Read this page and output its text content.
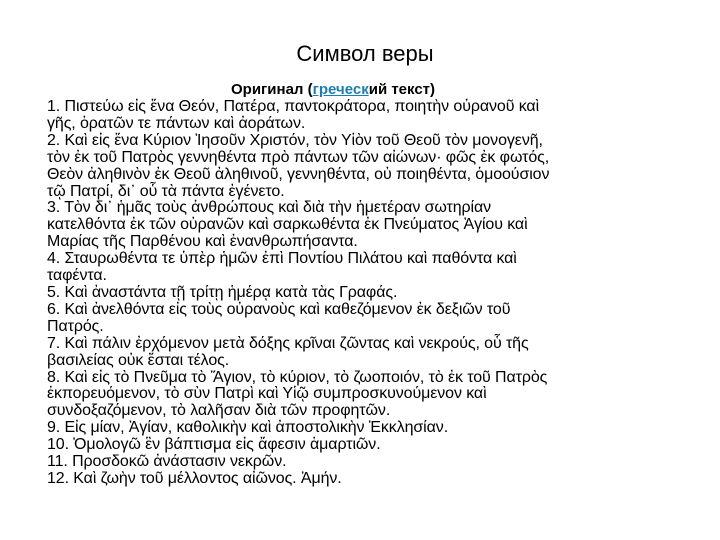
Символ веры
Оригинал (греческий текст)
1. Πιστεύω εἰς ἕνα Θεόν, Πατέρα, παντοκράτορα, ποιητὴν οὐρανοῦ καὶ
γῆς, ὁρατῶν τε πάντων καὶ ἀοράτων.
2. Καὶ εἰς ἕνα Κύριον Ἰησοῦν Χριστόν, τὸν Υἱὸν τοῦ Θεοῦ τὸν μονογενῆ,
τὸν ἐκ τοῦ Πατρὸς γεννηθέντα πρὸ πάντων τῶν αἰώνων· φῶς ἐκ φωτός,
Θεὸν ἀληθινὸν ἐκ Θεοῦ ἀληθινοῦ, γεννηθέντα, οὐ ποιηθέντα, ὁμοούσιον
τῷ Πατρί, δι᾽ οὗ τὰ πάντα ἐγένετο.
3. Τὸν δι᾽ ἡμᾶς τοὺς ἀνθρώπους καὶ διὰ τὴν ἡμετέραν σωτηρίαν
κατελθόντα ἐκ τῶν οὐρανῶν καὶ σαρκωθέντα ἐκ Πνεύματος Ἁγίου καὶ
Μαρίας τῆς Παρθένου καὶ ἐνανθρωπήσαντα.
4. Σταυρωθέντα τε ὑπὲρ ἡμῶν ἐπὶ Ποντίου Πιλάτου καὶ παθόντα καὶ
ταφέντα.
5. Καὶ ἀναστάντα τῇ τρίτῃ ἡμέρᾳ κατὰ τὰς Γραφάς.
6. Καὶ ἀνελθόντα εἰς τοὺς οὐρανοὺς καὶ καθεζόμενον ἐκ δεξιῶν τοῦ
Πατρός.
7. Καὶ πάλιν ἐρχόμενον μετὰ δόξης κρῖναι ζῶντας καὶ νεκρούς, οὗ τῆς
βασιλείας οὐκ ἔσται τέλος.
8. Καὶ εἰς τὸ Πνεῦμα τὸ Ἅγιον, τὸ κύριον, τὸ ζωοποιόν, τὸ ἐκ τοῦ Πατρὸς
ἐκπορευόμενον, τὸ σὺν Πατρὶ καὶ Υἱῷ συμπροσκυνούμενον καὶ
συνδοξαζόμενον, τὸ λαλῆσαν διὰ τῶν προφητῶν.
9. Εἰς μίαν, Ἁγίαν, καθολικὴν καὶ ἀποστολικὴν Ἐκκλησίαν.
10. Ὁμολογῶ ἓν βάπτισμα εἰς ἄφεσιν ἁμαρτιῶν.
11. Προσδοκῶ ἀνάστασιν νεκρῶν.
12. Καὶ ζωὴν τοῦ μέλλοντος αἰῶνος. Ἀμήν.
